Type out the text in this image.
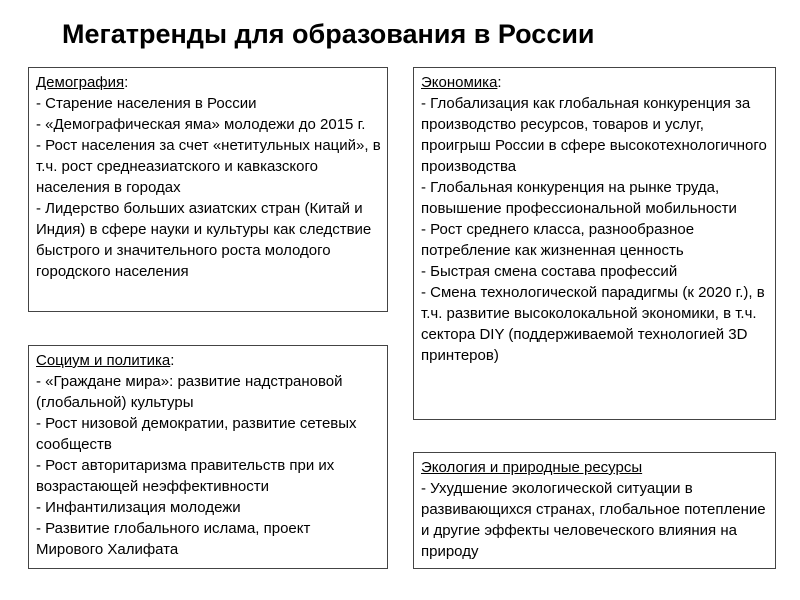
Мегатренды для образования в России
Демография:
- Старение населения в России
- «Демографическая яма» молодежи до 2015 г.
- Рост населения за счет «нетитульных наций», в т.ч. рост среднеазиатского и кавказского населения в городах
- Лидерство больших азиатских стран (Китай и Индия) в сфере науки и культуры как следствие быстрого и значительного роста молодого городского населения
Экономика:
- Глобализация как глобальная конкуренция за производство ресурсов, товаров и услуг, проигрыш России в сфере высокотехнологичного производства
- Глобальная конкуренция на рынке труда, повышение профессиональной мобильности
- Рост среднего класса, разнообразное потребление как жизненная ценность
- Быстрая смена состава профессий
- Смена технологической парадигмы (к 2020 г.), в т.ч. развитие высоколокальной экономики, в т.ч. сектора DIY (поддерживаемой технологией 3D принтеров)
Социум и политика:
- «Граждане мира»: развитие надстрановой (глобальной) культуры
- Рост низовой демократии, развитие сетевых сообществ
- Рост авторитаризма правительств при их возрастающей неэффективности
- Инфантилизация молодежи
- Развитие глобального ислама, проект Мирового Халифата
Экология и природные ресурсы
- Ухудшение экологической ситуации в развивающихся странах, глобальное потепление и другие эффекты человеческого влияния на природу
